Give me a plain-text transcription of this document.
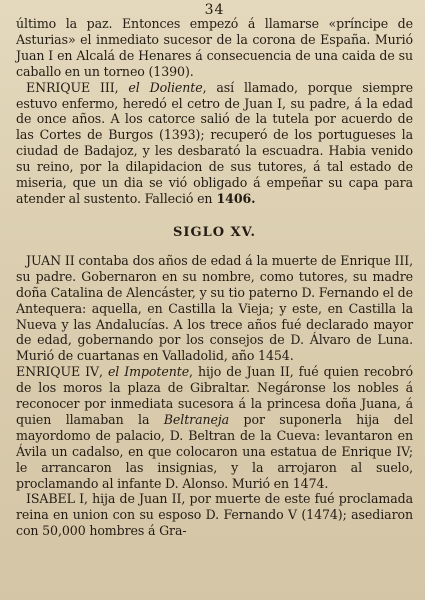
34

último la paz. Entonces empezó á llamarse «príncipe de Asturias» el inmediato sucesor de la corona de España. Murió Juan I en Alcalá de Henares á consecuencia de una caida de su caballo en un torneo (1390).

ENRIQUE III, el Doliente, así llamado, porque siempre estuvo enfermo, heredó el cetro de Juan I, su padre, á la edad de once años. A los catorce salió de la tutela por acuerdo de las Cortes de Burgos (1393); recuperó de los portugueses la ciudad de Badajoz, y les desbarató la escuadra. Habia venido su reino, por la dilapidacion de sus tutores, á tal estado de miseria, que un dia se vió obligado á empeñar su capa para atender al sustento. Falleció en 1406.

SIGLO XV.

JUAN II contaba dos años de edad á la muerte de Enrique III, su padre. Gobernaron en su nombre, como tutores, su madre doña Catalina de Alencáster, y su tio paterno D. Fernando el de Antequera: aquella, en Castilla la Vieja; y este, en Castilla la Nueva y las Andalucías. A los trece años fué declarado mayor de edad, gobernando por los consejos de D. Álvaro de Luna. Murió de cuartanas en Valladolid, año 1454.

ENRIQUE IV, el Impotente, hijo de Juan II, fué quien recobró de los moros la plaza de Gibraltar. Negáronse los nobles á reconocer por inmediata sucesora á la princesa doña Juana, á quien llamaban la Beltraneja por suponerla hija del mayordomo de palacio, D. Beltran de la Cueva: levantaron en Ávila un cadalso, en que colocaron una estatua de Enrique IV; le arrancaron las insignias, y la arrojaron al suelo, proclamando al infante D. Alonso. Murió en 1474.

ISABEL I, hija de Juan II, por muerte de este fué proclamada reina en union con su esposo D. Fernando V (1474); asediaron con 50,000 hombres á Gra-
